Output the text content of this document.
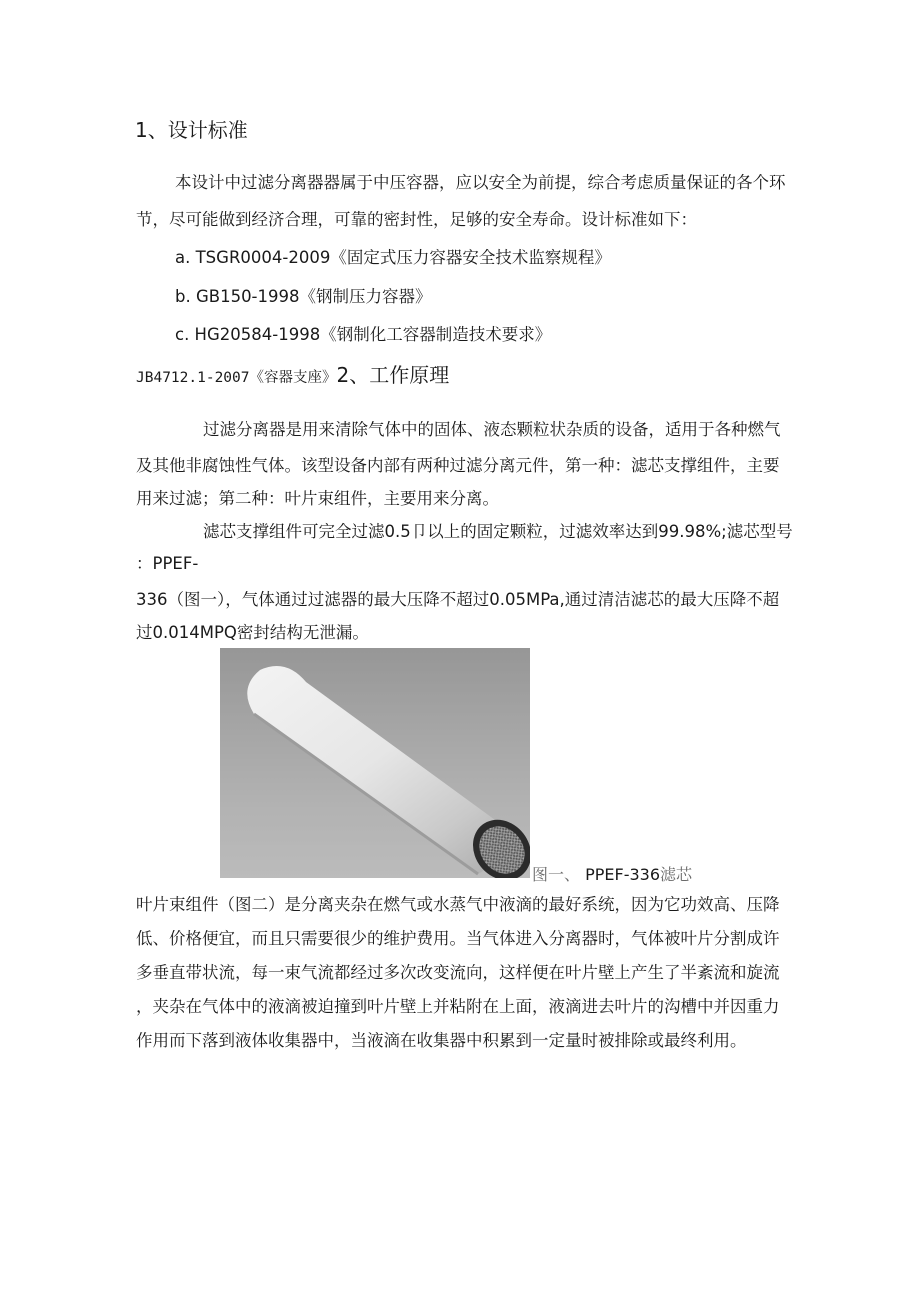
1、设计标准
本设计中过滤分离器器属于中压容器，应以安全为前提，综合考虑质量保证的各个环
节，尽可能做到经济合理，可靠的密封性，足够的安全寿命。设计标准如下：
a. TSGR0004-2009《固定式压力容器安全技术监察规程》
b. GB150-1998《钢制压力容器》
c. HG20584-1998《钢制化工容器制造技术要求》
JB4712.1-2007《容器支座》2、工作原理
过滤分离器是用来清除气体中的固体、液态颗粒状杂质的设备，适用于各种燃气
及其他非腐蚀性气体。该型设备内部有两种过滤分离元件，第一种：滤芯支撑组件，主要
用来过滤；第二种：叶片束组件，主要用来分离。
滤芯支撑组件可完全过滤0.5卩以上的固定颗粒，过滤效率达到99.98%;滤芯型号
：PPEF-
336（图一），气体通过过滤器的最大压降不超过0.05MPa,通过清洁滤芯的最大压降不超
过0.014MPQ密封结构无泄漏。
图一、 PPEF-336滤芯
叶片束组件（图二）是分离夹杂在燃气或水蒸气中液滴的最好系统，因为它功效高、压降
低、价格便宜，而且只需要很少的维护费用。当气体进入分离器时，气体被叶片分割成许
多垂直带状流，每一束气流都经过多次改变流向，这样便在叶片壁上产生了半紊流和旋流
，夹杂在气体中的液滴被迫撞到叶片壁上并粘附在上面，液滴进去叶片的沟槽中并因重力
作用而下落到液体收集器中，当液滴在收集器中积累到一定量时被排除或最终利用。
